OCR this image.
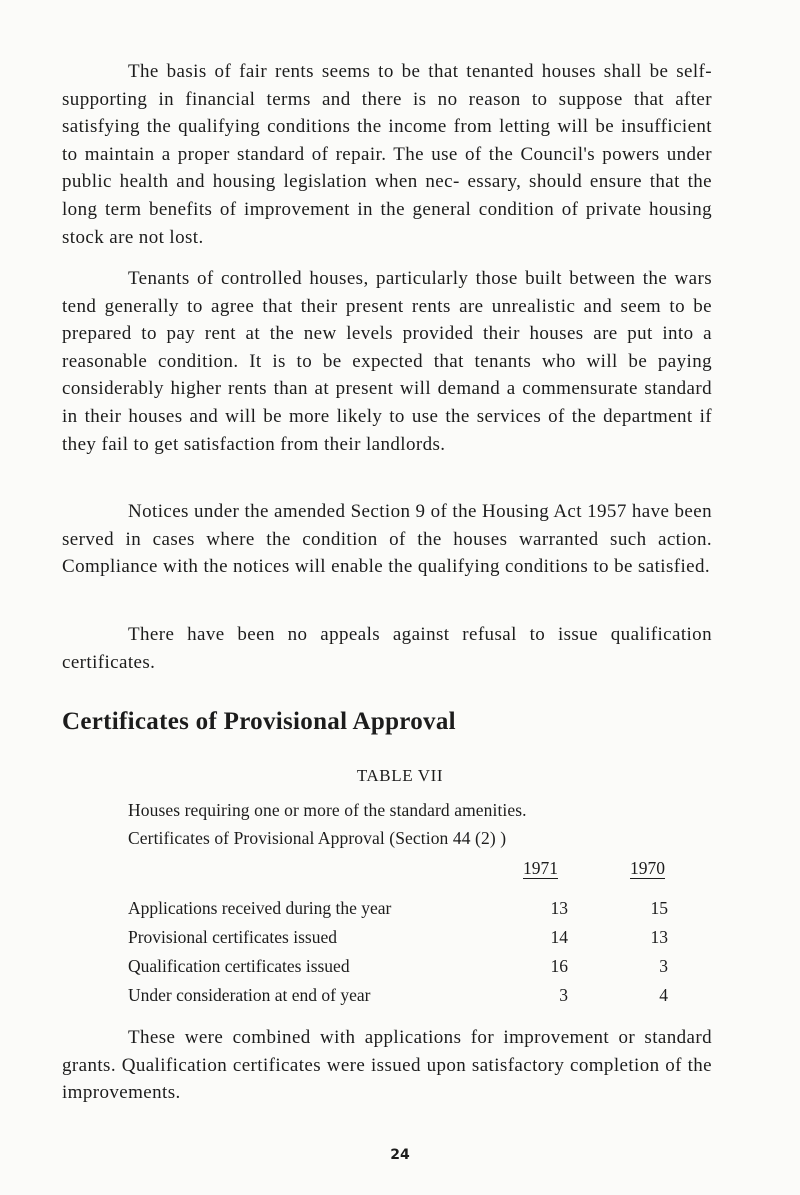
The basis of fair rents seems to be that tenanted houses shall be self-supporting in financial terms and there is no reason to suppose that after satisfying the qualifying conditions the income from letting will be insufficient to maintain a proper standard of repair. The use of the Council's powers under public health and housing legislation when nec- essary, should ensure that the long term benefits of improvement in the general condition of private housing stock are not lost.

Tenants of controlled houses, particularly those built between the wars tend generally to agree that their present rents are unrealistic and seem to be prepared to pay rent at the new levels provided their houses are put into a reasonable condition. It is to be expected that tenants who will be paying considerably higher rents than at present will demand a commensurate standard in their houses and will be more likely to use the services of the department if they fail to get satisfaction from their landlords.

Notices under the amended Section 9 of the Housing Act 1957 have been served in cases where the condition of the houses warranted such action. Compliance with the notices will enable the qualifying conditions to be satisfied.

There have been no appeals against refusal to issue qualification certificates.

Certificates of Provisional Approval

TABLE VII

Houses requiring one or more of the standard amenities.

Certificates of Provisional Approval (Section 44 (2) )

1971	1970

Applications received during the year	13	15
Provisional certificates issued	14	13
Qualification certificates issued	16	3
Under consideration at end of year	3	4

These were combined with applications for improvement or standard grants. Qualification certificates were issued upon satisfactory completion of the improvements.

24
